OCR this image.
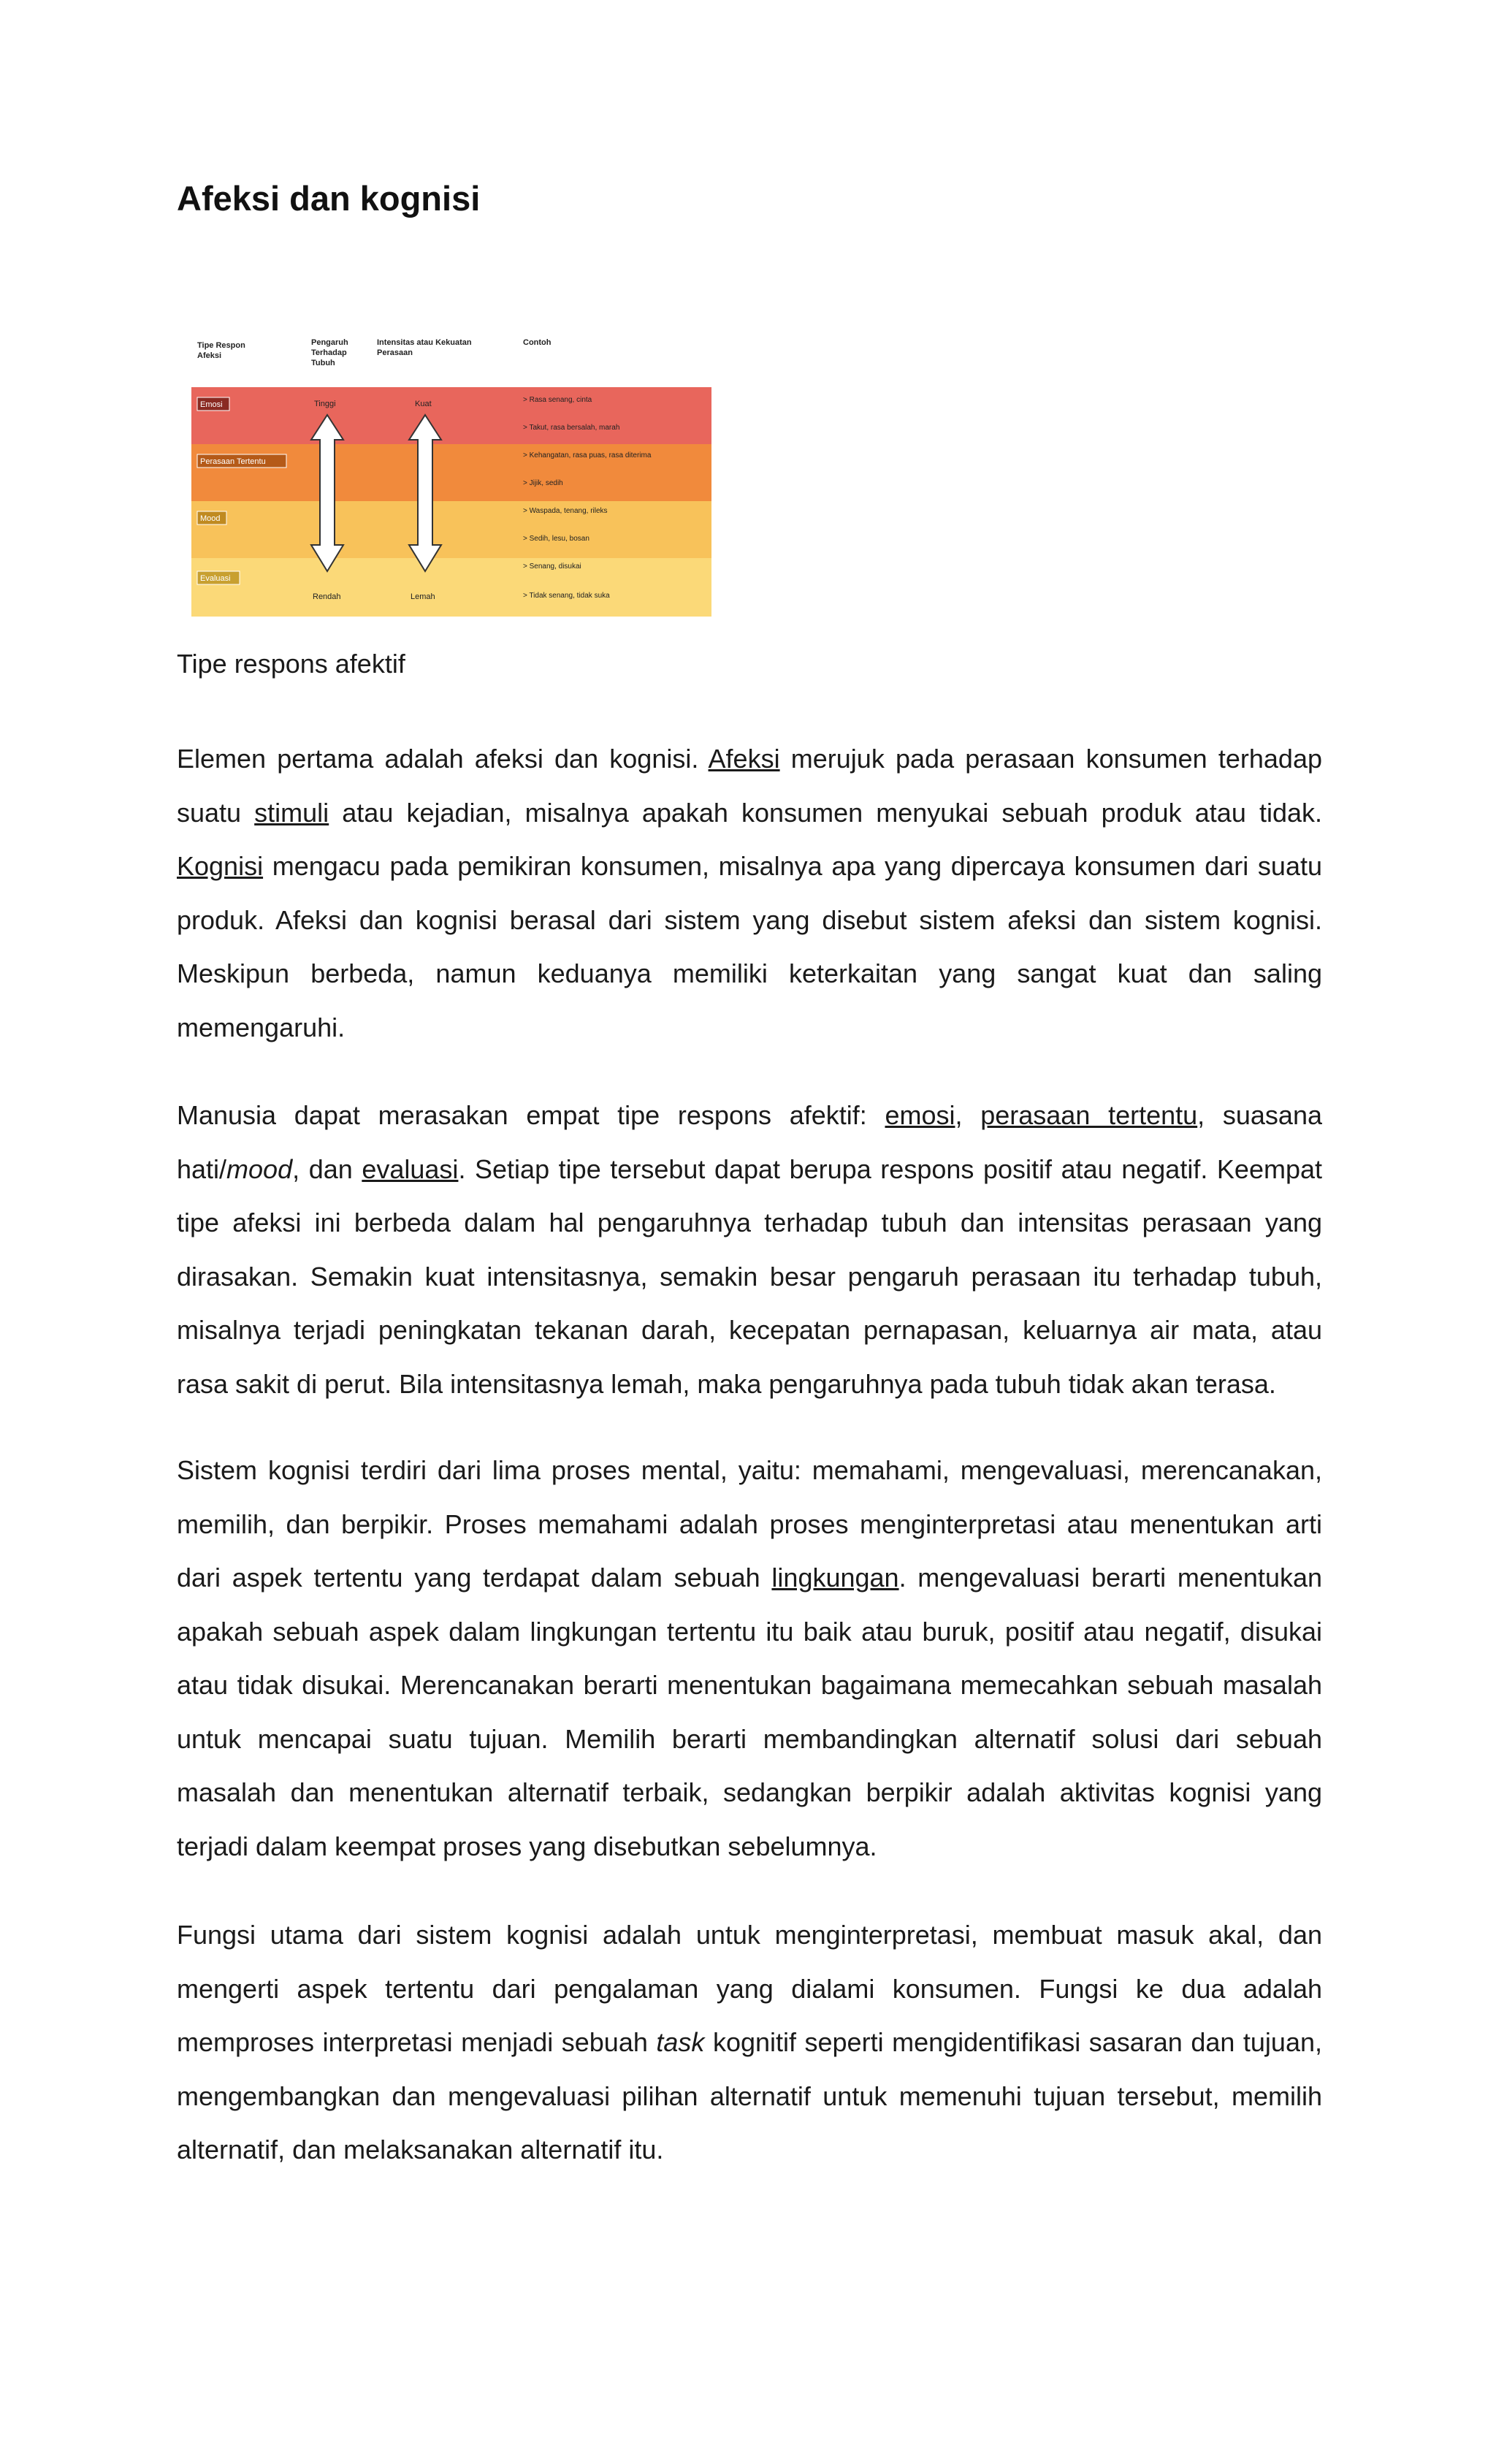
Afeksi dan kognisi
Tipe Respon
Afeksi
Pengaruh
Terhadap
Tubuh
Intensitas atau Kekuatan
Perasaan
Contoh
Emosi
Perasaan Tertentu
Mood
Evaluasi
Tinggi	Kuat
Rendah	Lemah
> Rasa senang, cinta
> Takut, rasa bersalah, marah
> Kehangatan, rasa puas, rasa diterima
> Jijik, sedih
> Waspada, tenang, rileks
> Sedih, lesu, bosan
> Senang, disukai
> Tidak senang, tidak suka

Tipe respons afektif

Elemen pertama adalah afeksi dan kognisi. Afeksi merujuk pada perasaan konsumen terhadap suatu stimuli atau kejadian, misalnya apakah konsumen menyukai sebuah produk atau tidak. Kognisi mengacu pada pemikiran konsumen, misalnya apa yang dipercaya konsumen dari suatu produk. Afeksi dan kognisi berasal dari sistem yang disebut sistem afeksi dan sistem kognisi. Meskipun berbeda, namun keduanya memiliki keterkaitan yang sangat kuat dan saling memengaruhi.

Manusia dapat merasakan empat tipe respons afektif: emosi, perasaan tertentu, suasana hati/mood, dan evaluasi. Setiap tipe tersebut dapat berupa respons positif atau negatif. Keempat tipe afeksi ini berbeda dalam hal pengaruhnya terhadap tubuh dan intensitas perasaan yang dirasakan. Semakin kuat intensitasnya, semakin besar pengaruh perasaan itu terhadap tubuh, misalnya terjadi peningkatan tekanan darah, kecepatan pernapasan, keluarnya air mata, atau rasa sakit di perut. Bila intensitasnya lemah, maka pengaruhnya pada tubuh tidak akan terasa.

Sistem kognisi terdiri dari lima proses mental, yaitu: memahami, mengevaluasi, merencanakan, memilih, dan berpikir. Proses memahami adalah proses menginterpretasi atau menentukan arti dari aspek tertentu yang terdapat dalam sebuah lingkungan. mengevaluasi berarti menentukan apakah sebuah aspek dalam lingkungan tertentu itu baik atau buruk, positif atau negatif, disukai atau tidak disukai. Merencanakan berarti menentukan bagaimana memecahkan sebuah masalah untuk mencapai suatu tujuan. Memilih berarti membandingkan alternatif solusi dari sebuah masalah dan menentukan alternatif terbaik, sedangkan berpikir adalah aktivitas kognisi yang terjadi dalam keempat proses yang disebutkan sebelumnya.

Fungsi utama dari sistem kognisi adalah untuk menginterpretasi, membuat masuk akal, dan mengerti aspek tertentu dari pengalaman yang dialami konsumen. Fungsi ke dua adalah memproses interpretasi menjadi sebuah task kognitif seperti mengidentifikasi sasaran dan tujuan, mengembangkan dan mengevaluasi pilihan alternatif untuk memenuhi tujuan tersebut, memilih alternatif, dan melaksanakan alternatif itu.
